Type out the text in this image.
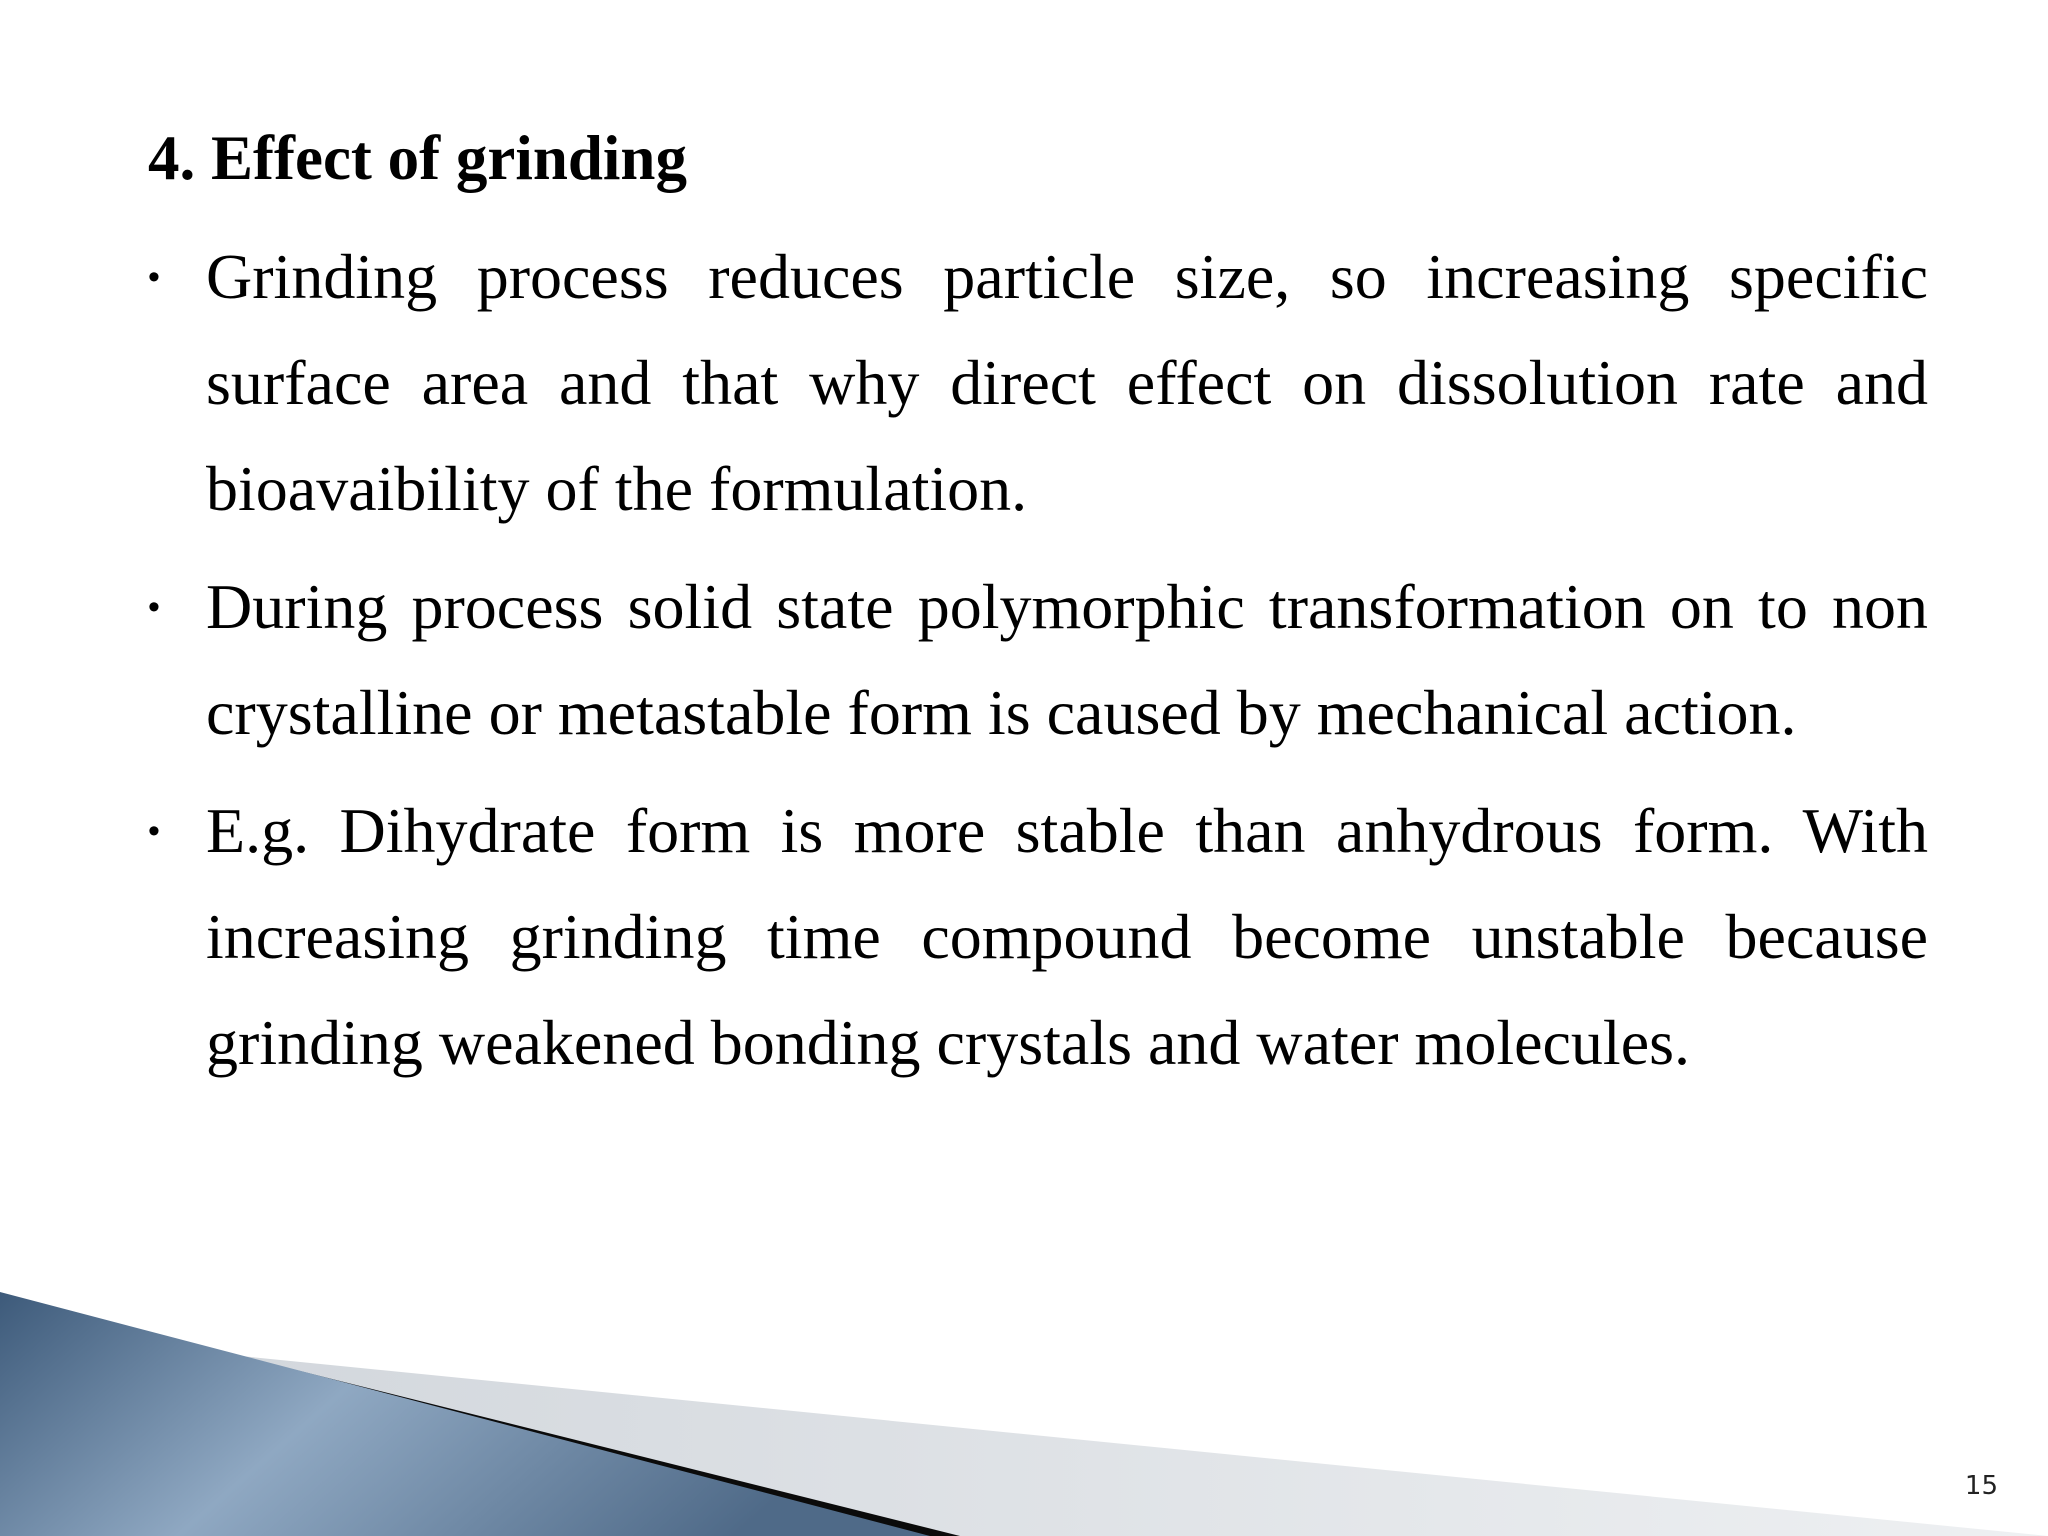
4. Effect of grinding
• Grinding process reduces particle size, so increasing specific surface area and that why direct effect on dissolution rate and bioavaibility of the formulation.
• During process solid state polymorphic transformation on to non crystalline or metastable form is caused by mechanical action.
• E.g. Dihydrate form is more stable than anhydrous form. With increasing grinding time compound become unstable because grinding weakened bonding crystals and water molecules.
15
